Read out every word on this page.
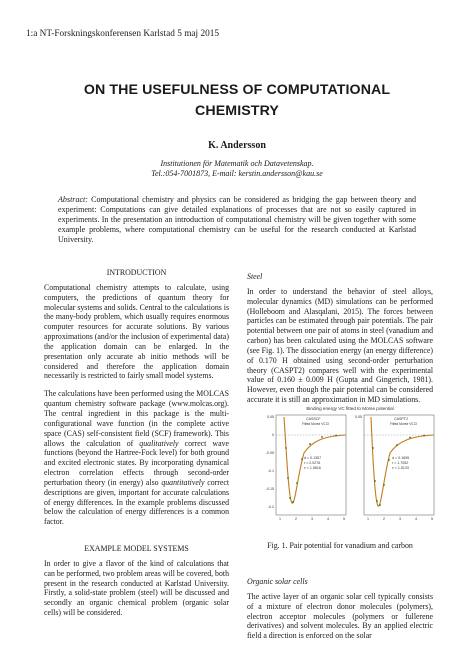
1:a NT-Forskningskonferensen Karlstad 5 maj 2015
ON THE USEFULNESS OF COMPUTATIONAL
CHEMISTRY
K. Andersson
Institutionen för Matematik och Datavetenskap.
Tel.:054-7001873, E-mail: kerstin.andersson@kau.se
Abstract: Computational chemistry and physics can be considered as bridging the gap between theory and experiment: Computations can give detailed explanations of processes that are not so easily captured in experiments. In the presentation an introduction of computational chemistry will be given together with some example problems, where computational chemistry can be useful for the research conducted at Karlstad University.
INTRODUCTION

Computational chemistry attempts to calculate, using computers, the predictions of quantum theory for molecular systems and solids. Central to the calculations is the many-body problem, which usually requires enormous computer resources for accurate solutions. By various approximations (and/or the inclusion of experimental data) the application domain can be enlarged. In the presentation only accurate ab initio methods will be considered and therefore the application domain necessarily is restricted to fairly small model systems.

The calculations have been performed using the MOLCAS quantum chemistry software package (www.molcas.org). The central ingredient in this package is the multi-configurational wave function (in the complete active space (CAS) self-consistent field (SCF) framework). This allows the calculation of qualitatively correct wave functions (beyond the Hartree-Fock level) for both ground and excited electronic states. By incorporating dynamical electron correlation effects through second-order perturbation theory (in energy) also quantitatively correct descriptions are given, important for accurate calculations of energy differences. In the example problems discussed below the calculation of energy differences is a common factor.

EXAMPLE MODEL SYSTEMS

In order to give a flavor of the kind of calculations that can be performed, two problem areas will be covered, both present in the research conducted at Karlstad University. Firstly, a solid-state problem (steel) will be discussed and secondly an organic chemical problem (organic solar cells) will be considered.

Steel

In order to understand the behavior of steel alloys, molecular dynamics (MD) simulations can be performed (Holleboom and Alasqalani, 2015). The forces between particles can be estimated through pair potentials. The pair potential between one pair of atoms in steel (vanadium and carbon) has been calculated using the MOLCAS software (see Fig. 1). The dissociation energy (an energy difference) of 0.170 H obtained using second-order perturbation theory (CASPT2) compares well with the experimental value of 0.160 ± 0.009 H (Gupta and Gingerich, 1981). However, even though the pair potential can be considered accurate it is still an approximation in MD simulations.

Binding energy VC fitted to Morse potential
CASSCF
Fitted Morse VCCI
d = 0.1357
r = 2.0276
v = 1.5816
CASPT2
Fitted Morse VCCI
d = 0.1695
r = 1.7052
v = 1.5133
0.05
0
-0.05
-0.1
-0.15
-0.2
0.05
1	2	3	4	5	1	2	3	4	5
Fig. 1. Pair potential for vanadium and carbon
Organic solar cells

The active layer of an organic solar cell typically consists of a mixture of electron donor molecules (polymers), electron acceptor molecules (polymers or fullerene derivatives) and solvent molecules. By an applied electric field a direction is enforced on the solar
